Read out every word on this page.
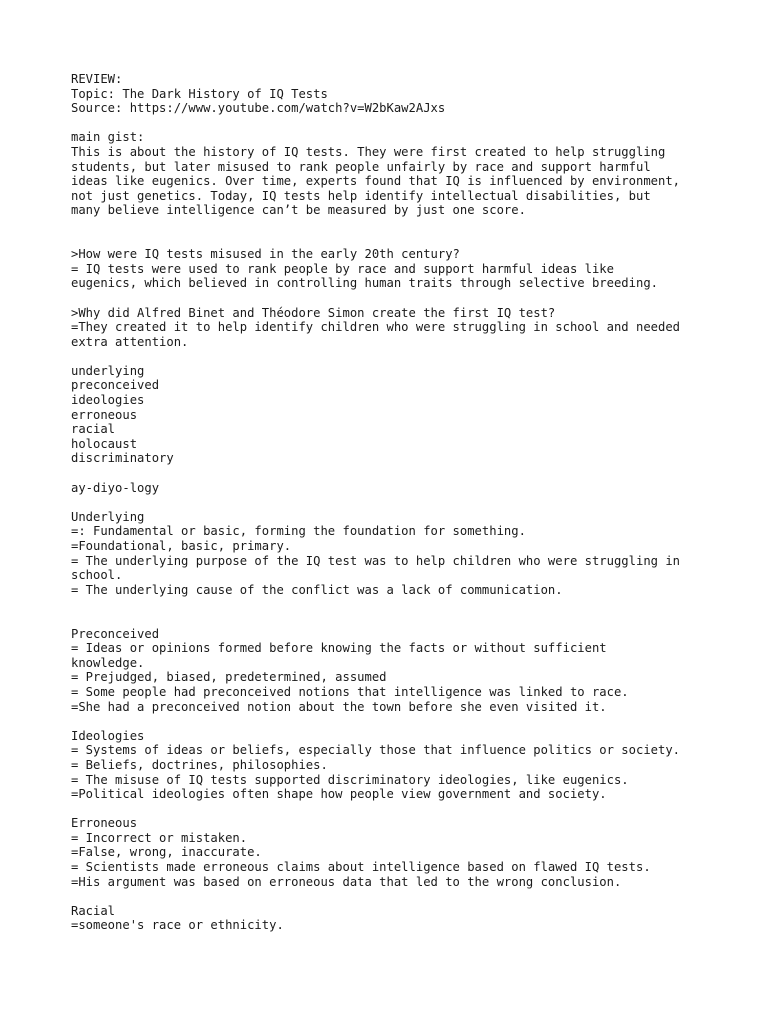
REVIEW:
Topic: The Dark History of IQ Tests
Source: https://www.youtube.com/watch?v=W2bKaw2AJxs
main gist:
This is about the history of IQ tests. They were first created to help struggling
students, but later misused to rank people unfairly by race and support harmful
ideas like eugenics. Over time, experts found that IQ is influenced by environment,
not just genetics. Today, IQ tests help identify intellectual disabilities, but
many believe intelligence can’t be measured by just one score.
>How were IQ tests misused in the early 20th century?
= IQ tests were used to rank people by race and support harmful ideas like
eugenics, which believed in controlling human traits through selective breeding.
>Why did Alfred Binet and Théodore Simon create the first IQ test?
=They created it to help identify children who were struggling in school and needed
extra attention.
underlying
preconceived
ideologies
erroneous
racial
holocaust
discriminatory
ay-diyo-logy
Underlying
=: Fundamental or basic, forming the foundation for something.
=Foundational, basic, primary.
= The underlying purpose of the IQ test was to help children who were struggling in
school.
= The underlying cause of the conflict was a lack of communication.
Preconceived
= Ideas or opinions formed before knowing the facts or without sufficient
knowledge.
= Prejudged, biased, predetermined, assumed
= Some people had preconceived notions that intelligence was linked to race.
=She had a preconceived notion about the town before she even visited it.
Ideologies
= Systems of ideas or beliefs, especially those that influence politics or society.
= Beliefs, doctrines, philosophies.
= The misuse of IQ tests supported discriminatory ideologies, like eugenics.
=Political ideologies often shape how people view government and society.
Erroneous
= Incorrect or mistaken.
=False, wrong, inaccurate.
= Scientists made erroneous claims about intelligence based on flawed IQ tests.
=His argument was based on erroneous data that led to the wrong conclusion.
Racial
=someone's race or ethnicity.
